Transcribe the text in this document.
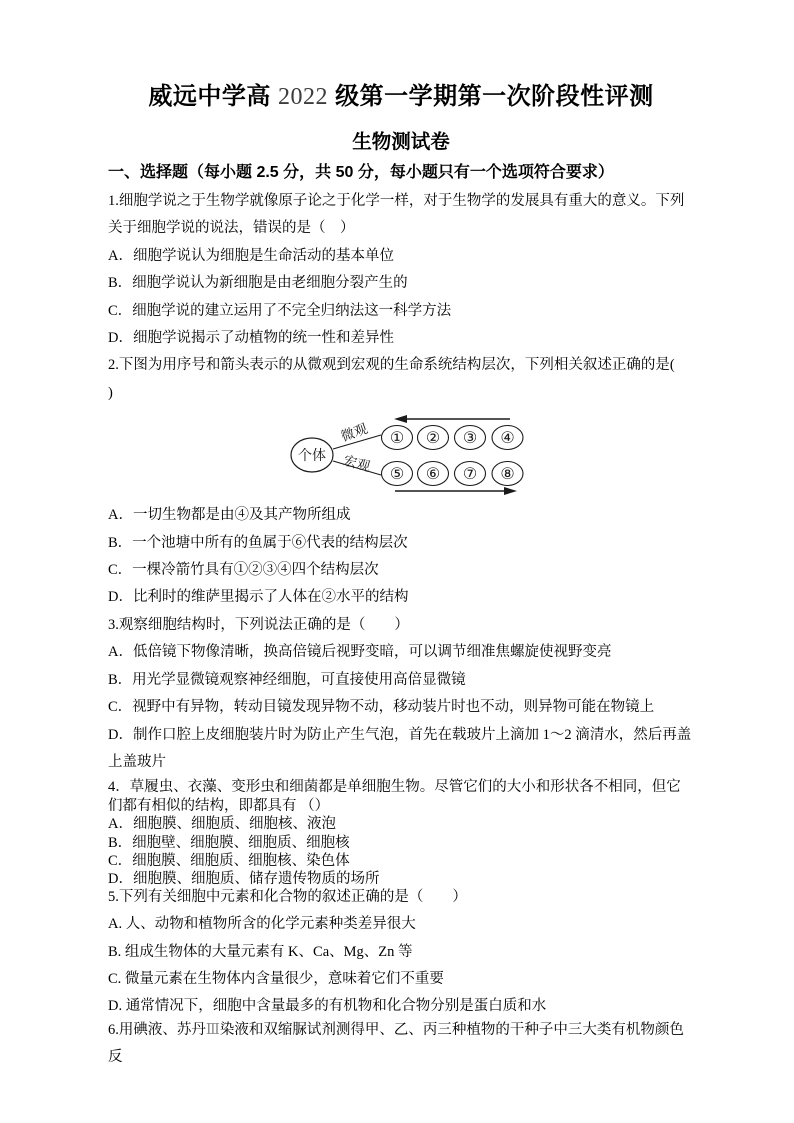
威远中学高 2022 级第一学期第一次阶段性评测
生物测试卷
一、选择题（每小题 2.5 分，共 50 分，每小题只有一个选项符合要求）

1.细胞学说之于生物学就像原子论之于化学一样，对于生物学的发展具有重大的意义。下列关于细胞学说的说法，错误的是（　）

A．细胞学说认为细胞是生命活动的基本单位

B．细胞学说认为新细胞是由老细胞分裂产生的

C．细胞学说的建立运用了不完全归纳法这一科学方法

D．细胞学说揭示了动植物的统一性和差异性

2.下图为用序号和箭头表示的从微观到宏观的生命系统结构层次，下列相关叙述正确的是(　　)

个体
微观
宏观
① ② ③ ④
⑤ ⑥ ⑦ ⑧

A．一切生物都是由④及其产物所组成

B．一个池塘中所有的鱼属于⑥代表的结构层次

C．一棵冷箭竹具有①②③④四个结构层次

D．比利时的维萨里揭示了人体在②水平的结构

3.观察细胞结构时，下列说法正确的是（　　）

A．低倍镜下物像清晰，换高倍镜后视野变暗，可以调节细准焦螺旋使视野变亮

B．用光学显微镜观察神经细胞，可直接使用高倍显微镜

C．视野中有异物，转动目镜发现异物不动，移动装片时也不动，则异物可能在物镜上

D．制作口腔上皮细胞装片时为防止产生气泡，首先在载玻片上滴加 1～2 滴清水，然后再盖上盖玻片

4．草履虫、衣藻、变形虫和细菌都是单细胞生物。尽管它们的大小和形状各不相同，但它们都有相似的结构，即都具有 （）

A．细胞膜、细胞质、细胞核、液泡

B．细胞壁、细胞膜、细胞质、细胞核

C．细胞膜、细胞质、细胞核、染色体

D．细胞膜、细胞质、储存遗传物质的场所

5.下列有关细胞中元素和化合物的叙述正确的是（　　）

A. 人、动物和植物所含的化学元素种类差异很大

B. 组成生物体的大量元素有 K、Ca、Mg、Zn 等

C. 微量元素在生物体内含量很少，意味着它们不重要

D. 通常情况下，细胞中含量最多的有机物和化合物分别是蛋白质和水

6.用碘液、苏丹Ⅲ染液和双缩脲试剂测得甲、乙、丙三种植物的干种子中三大类有机物颜色反
